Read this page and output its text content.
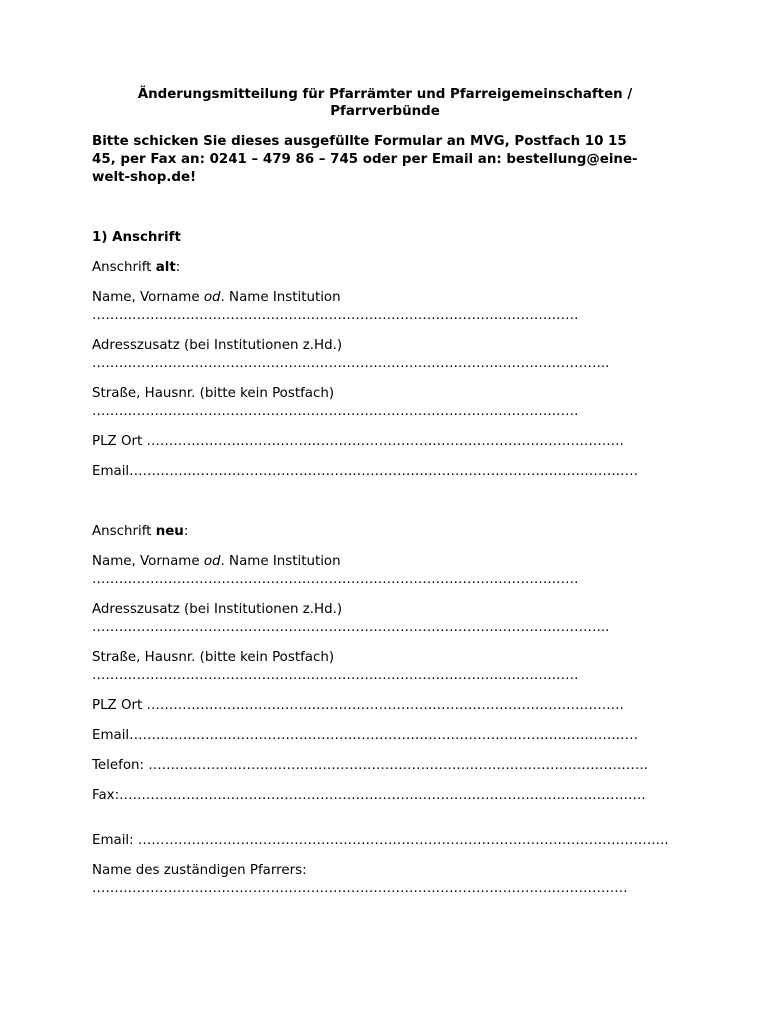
Änderungsmitteilung für Pfarrämter und Pfarreigemeinschaften /
Pfarrverbünde
Bitte schicken Sie dieses ausgefüllte Formular an MVG, Postfach 10 15
45, per Fax an: 0241 – 479 86 – 745 oder per Email an: bestellung@eine-
welt-shop.de!
1) Anschrift
Anschrift alt:
Name, Vorname od. Name Institution
……………………………………………………………………………………………….
Adresszusatz (bei Institutionen z.Hd.)
……………………………………………………………………………………………………..
Straße, Hausnr. (bitte kein Postfach)
……………………………………………………………………………………………….
PLZ Ort ……………………………………………………………………………………………..
Email……………………………………………………………………………………………………
Anschrift neu:
Name, Vorname od. Name Institution
……………………………………………………………………………………………….
Adresszusatz (bei Institutionen z.Hd.)
……………………………………………………………………………………………………..
Straße, Hausnr. (bitte kein Postfach)
……………………………………………………………………………………………….
PLZ Ort ……………………………………………………………………………………………..
Email……………………………………………………………………………………………………
Telefon: ………………………………………………………………………………………………….
Fax:……………………………………………………………………………………………………….
Email: ………………………………………………………………………………………………………..
Name des zuständigen Pfarrers:
…………………………………………………………………………………………………………
